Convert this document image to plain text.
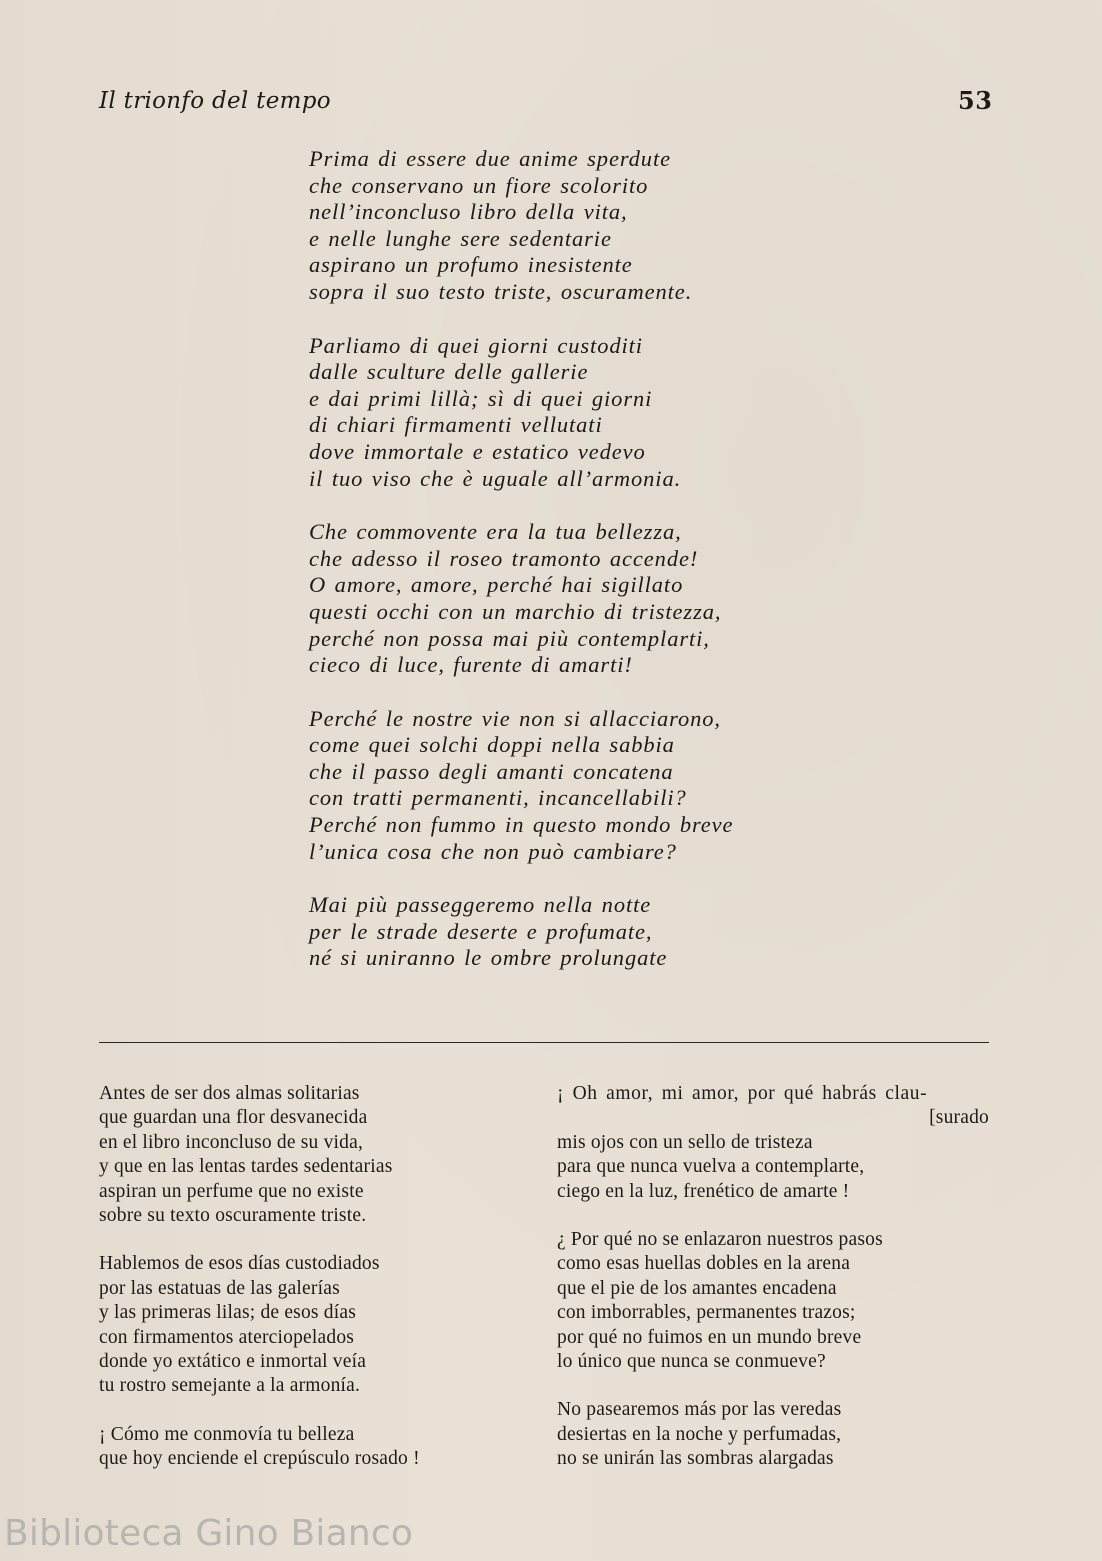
Il trionfo del tempo	53
Prima di essere due anime sperdute
che conservano un fiore scolorito
nell’inconcluso libro della vita,
e nelle lunghe sere sedentarie
aspirano un profumo inesistente
sopra il suo testo triste, oscuramente.
Parliamo di quei giorni custoditi
dalle sculture delle gallerie
e dai primi lillà; sì di quei giorni
di chiari firmamenti vellutati
dove immortale e estatico vedevo
il tuo viso che è uguale all’armonia.
Che commovente era la tua bellezza,
che adesso il roseo tramonto accende!
O amore, amore, perché hai sigillato
questi occhi con un marchio di tristezza,
perché non possa mai più contemplarti,
cieco di luce, furente di amarti!
Perché le nostre vie non si allacciarono,
come quei solchi doppi nella sabbia
che il passo degli amanti concatena
con tratti permanenti, incancellabili?
Perché non fummo in questo mondo breve
l’unica cosa che non può cambiare?
Mai più passeggeremo nella notte
per le strade deserte e profumate,
né si uniranno le ombre prolungate
Antes de ser dos almas solitarias
que guardan una flor desvanecida
en el libro inconcluso de su vida,
y que en las lentas tardes sedentarias
aspiran un perfume que no existe
sobre su texto oscuramente triste.
Hablemos de esos días custodiados
por las estatuas de las galerías
y las primeras lilas; de esos días
con firmamentos aterciopelados
donde yo extático e inmortal veía
tu rostro semejante a la armonía.
¡ Cómo me conmovía tu belleza
que hoy enciende el crepúsculo rosado !
¡ Oh amor, mi amor, por qué habrás clau-
[surado
mis ojos con un sello de tristeza
para que nunca vuelva a contemplarte,
ciego en la luz, frenético de amarte !
¿ Por qué no se enlazaron nuestros pasos
como esas huellas dobles en la arena
que el pie de los amantes encadena
con imborrables, permanentes trazos;
por qué no fuimos en un mundo breve
lo único que nunca se conmueve?
No pasearemos más por las veredas
desiertas en la noche y perfumadas,
no se unirán las sombras alargadas
Biblioteca Gino Bianco
